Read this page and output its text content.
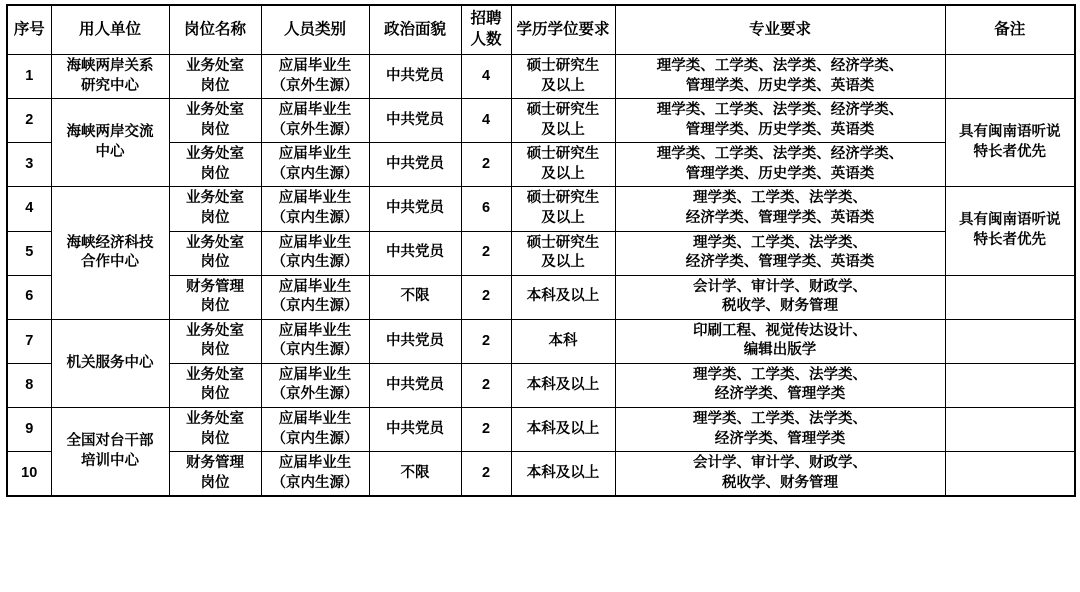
序号	用人单位	岗位名称	人员类别	政治面貌	招聘人数	学历学位要求	专业要求	备注
1	海峡两岸关系
研究中心	业务处室
岗位	应届毕业生
（京外生源）	中共党员	4	硕士研究生
及以上	理学类、工学类、法学类、经济学类、
管理学类、历史学类、英语类	

2	海峡两岸交流
中心	业务处室
岗位	应届毕业生
（京外生源）	中共党员	4	硕士研究生
及以上	理学类、工学类、法学类、经济学类、
管理学类、历史学类、英语类	具有闽南语听说
特长者优先

3		业务处室
岗位	应届毕业生
（京内生源）	中共党员	2	硕士研究生
及以上	理学类、工学类、法学类、经济学类、
管理学类、历史学类、英语类	

4	海峡经济科技
合作中心	业务处室
岗位	应届毕业生
（京内生源）	中共党员	6	硕士研究生
及以上	理学类、工学类、法学类、
经济学类、管理学类、英语类	具有闽南语听说
特长者优先

5		业务处室
岗位	应届毕业生
（京内生源）	中共党员	2	硕士研究生
及以上	理学类、工学类、法学类、
经济学类、管理学类、英语类	

6		财务管理
岗位	应届毕业生
（京内生源）	不限	2	本科及以上	会计学、审计学、财政学、
税收学、财务管理	

7	机关服务中心	业务处室
岗位	应届毕业生
（京内生源）	中共党员	2	本科	印刷工程、视觉传达设计、
编辑出版学	

8		业务处室
岗位	应届毕业生
（京外生源）	中共党员	2	本科及以上	理学类、工学类、法学类、
经济学类、管理学类	

9	全国对台干部
培训中心	业务处室
岗位	应届毕业生
（京内生源）	中共党员	2	本科及以上	理学类、工学类、法学类、
经济学类、管理学类	

10		财务管理
岗位	应届毕业生
（京内生源）	不限	2	本科及以上	会计学、审计学、财政学、
税收学、财务管理	
